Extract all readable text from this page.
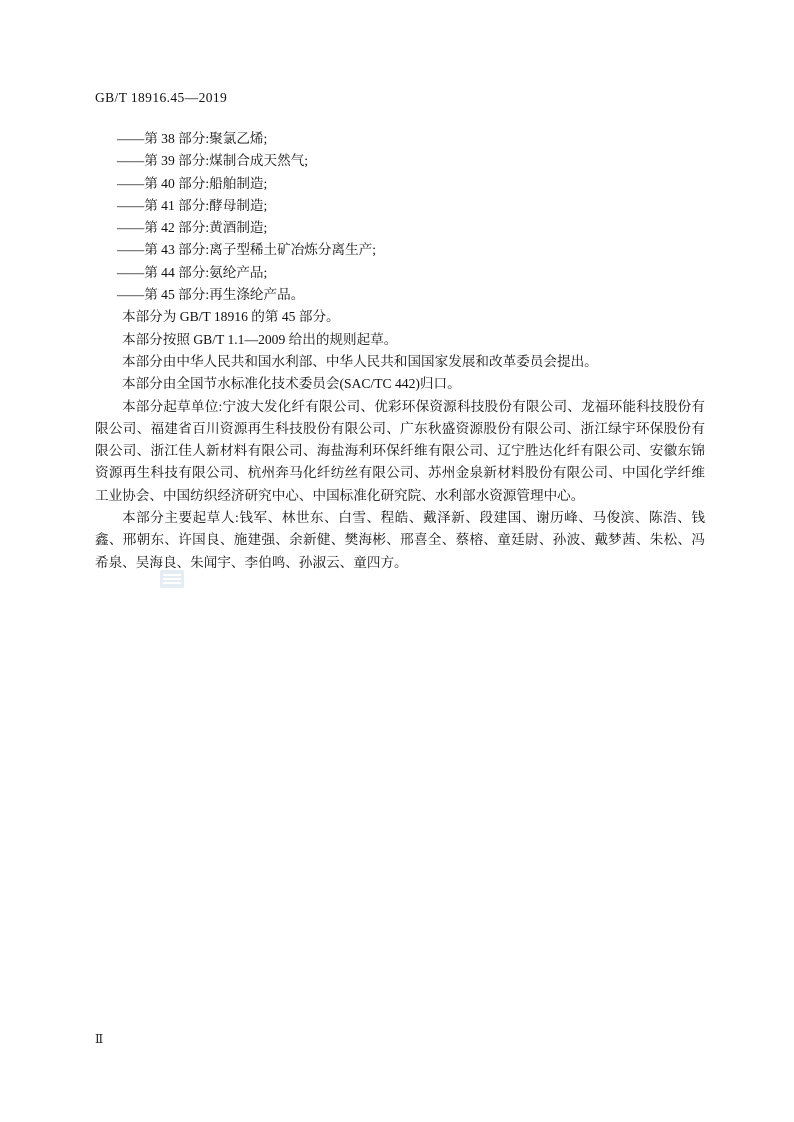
GB/T 18916.45—2019
——第 38 部分:聚氯乙烯;
——第 39 部分:煤制合成天然气;
——第 40 部分:船舶制造;
——第 41 部分:酵母制造;
——第 42 部分:黄酒制造;
——第 43 部分:离子型稀土矿冶炼分离生产;
——第 44 部分:氨纶产品;
——第 45 部分:再生涤纶产品。
本部分为 GB/T 18916 的第 45 部分。
本部分按照 GB/T 1.1—2009 给出的规则起草。
本部分由中华人民共和国水利部、中华人民共和国国家发展和改革委员会提出。
本部分由全国节水标准化技术委员会(SAC/TC 442)归口。
本部分起草单位:宁波大发化纤有限公司、优彩环保资源科技股份有限公司、龙福环能科技股份有限公司、福建省百川资源再生科技股份有限公司、广东秋盛资源股份有限公司、浙江绿宇环保股份有限公司、浙江佳人新材料有限公司、海盐海利环保纤维有限公司、辽宁胜达化纤有限公司、安徽东锦资源再生科技有限公司、杭州奔马化纤纺丝有限公司、苏州金泉新材料股份有限公司、中国化学纤维工业协会、中国纺织经济研究中心、中国标准化研究院、水利部水资源管理中心。
本部分主要起草人:钱军、林世东、白雪、程皓、戴泽新、段建国、谢历峰、马俊滨、陈浩、钱鑫、邢朝东、许国良、施建强、余新健、樊海彬、邢喜全、蔡榕、童廷尉、孙波、戴梦茜、朱松、冯希泉、吴海良、朱闻宇、李伯鸣、孙淑云、童四方。
Ⅱ
